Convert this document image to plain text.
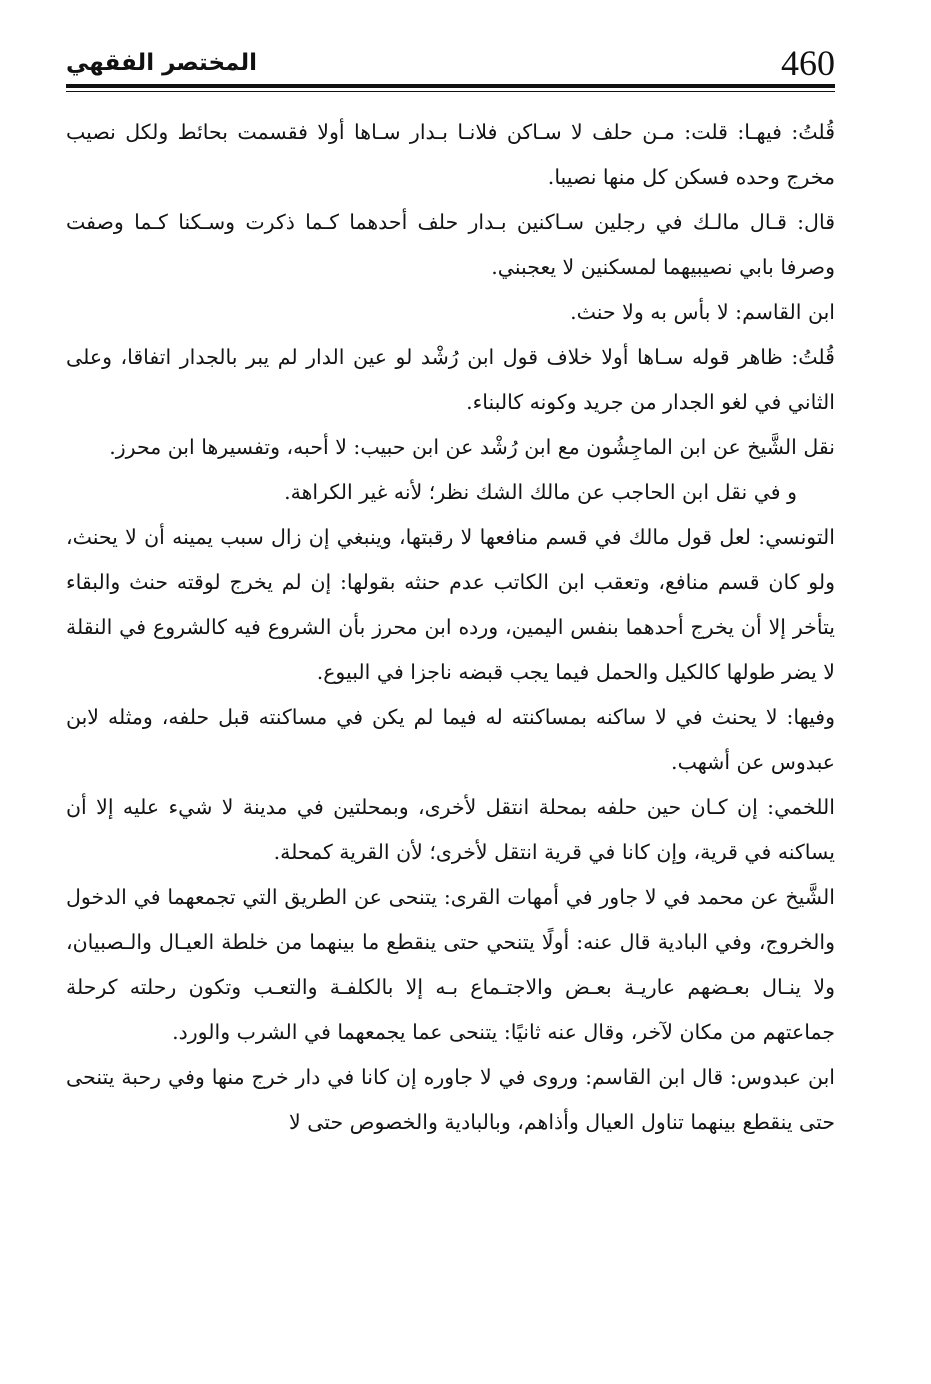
460
المختصر الفقهي

قُلتُ: فيهـا: قلت: مـن حلف لا سـاكن فلانـا بـدار سـاها أولا فقسمت بحائط ولكل نصيب مخرج وحده فسكن كل منها نصيبا.

قال: قـال مالـك في رجلين سـاكنين بـدار حلف أحدهما كـما ذكرت وسـكنا كـما وصفت وصرفا بابي نصيبيهما لمسكنين لا يعجبني.

ابن القاسم: لا بأس به ولا حنث.

قُلتُ: ظاهر قوله سـاها أولا خلاف قول ابن رُشْد لو عين الدار لم يبر بالجدار اتفاقا، وعلى الثاني في لغو الجدار من جريد وكونه كالبناء.

نقل الشَّيخ عن ابن الماجِشُون مع ابن رُشْد عن ابن حبيب: لا أحبه، وتفسيرها ابن محرز.

و في نقل ابن الحاجب عن مالك الشك نظر؛ لأنه غير الكراهة.

التونسي: لعل قول مالك في قسم منافعها لا رقبتها، وينبغي إن زال سبب يمينه أن لا يحنث، ولو كان قسم منافع، وتعقب ابن الكاتب عدم حنثه بقولها: إن لم يخرج لوقته حنث والبقاء يتأخر إلا أن يخرج أحدهما بنفس اليمين، ورده ابن محرز بأن الشروع فيه كالشروع في النقلة لا يضر طولها كالكيل والحمل فيما يجب قبضه ناجزا في البيوع.

وفيها: لا يحنث في لا ساكنه بمساكنته له فيما لم يكن في مساكنته قبل حلفه، ومثله لابن عبدوس عن أشهب.

اللخمي: إن كـان حين حلفه بمحلة انتقل لأخرى، وبمحلتين في مدينة لا شيء عليه إلا أن يساكنه في قرية، وإن كانا في قرية انتقل لأخرى؛ لأن القرية كمحلة.

الشَّيخ عن محمد في لا جاور في أمهات القرى: يتنحى عن الطريق التي تجمعهما في الدخول والخروج، وفي البادية قال عنه: أولًا يتنحي حتى ينقطع ما بينهما من خلطة العيـال والـصبيان، ولا ينـال بعـضهم عاريـة بعـض والاجتـماع بـه إلا بالكلفـة والتعـب وتكون رحلته كرحلة جماعتهم من مكان لآخر، وقال عنه ثانيًا: يتنحى عما يجمعهما في الشرب والورد.

ابن عبدوس: قال ابن القاسم: وروى في لا جاوره إن كانا في دار خرج منها وفي رحبة يتنحى حتى ينقطع بينهما تناول العيال وأذاهم، وبالبادية والخصوص حتى لا
